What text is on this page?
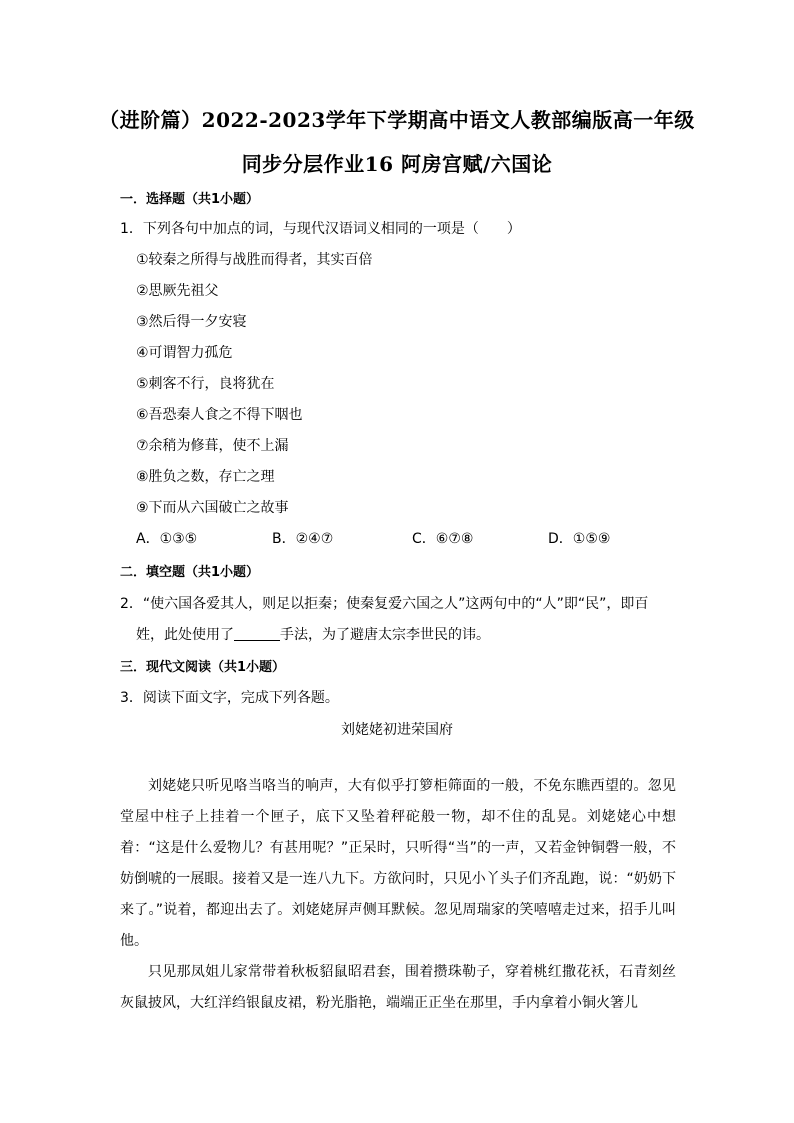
（进阶篇）2022-2023学年下学期高中语文人教部编版高一年级
同步分层作业16 阿房宫赋/六国论
一．选择题（共1小题）
1．下列各句中加点的词，与现代汉语词义相同的一项是（　　）
①较秦之所得与战胜而得者，其实百倍
②思厥先祖父
③然后得一夕安寝
④可谓智力孤危
⑤刺客不行，良将犹在
⑥吾恐秦人食之不得下咽也
⑦余稍为修葺，使不上漏
⑧胜负之数，存亡之理
⑨下而从六国破亡之故事
A．①③⑤	B．②④⑦	C．⑥⑦⑧	D．①⑤⑨
二．填空题（共1小题）
2．“使六国各爱其人，则足以拒秦；使秦复爱六国之人”这两句中的“人”即“民”，即百
姓，此处使用了	手法，为了避唐太宗李世民的讳。
三．现代文阅读（共1小题）
3．阅读下面文字，完成下列各题。
刘姥姥初进荣国府
刘姥姥只听见咯当咯当的响声，大有似乎打箩柜筛面的一般，不免东瞧西望的。忽见堂屋中柱子上挂着一个匣子，底下又坠着秤砣般一物，却不住的乱晃。刘姥姥心中想着：“这是什么爱物儿？有甚用呢？”正呆时，只听得“当”的一声，又若金钟铜磬一般，不妨倒唬的一展眼。接着又是一连八九下。方欲问时，只见小丫头子们齐乱跑，说：“奶奶下来了。”说着，都迎出去了。刘姥姥屏声侧耳默候。忽见周瑞家的笑嘻嘻走过来，招手儿叫他。
只见那凤姐儿家常带着秋板貂鼠昭君套，围着攒珠勒子，穿着桃红撒花袄，石青刻丝灰鼠披风，大红洋绉银鼠皮裙，粉光脂艳，端端正正坐在那里，手内拿着小铜火箸儿
